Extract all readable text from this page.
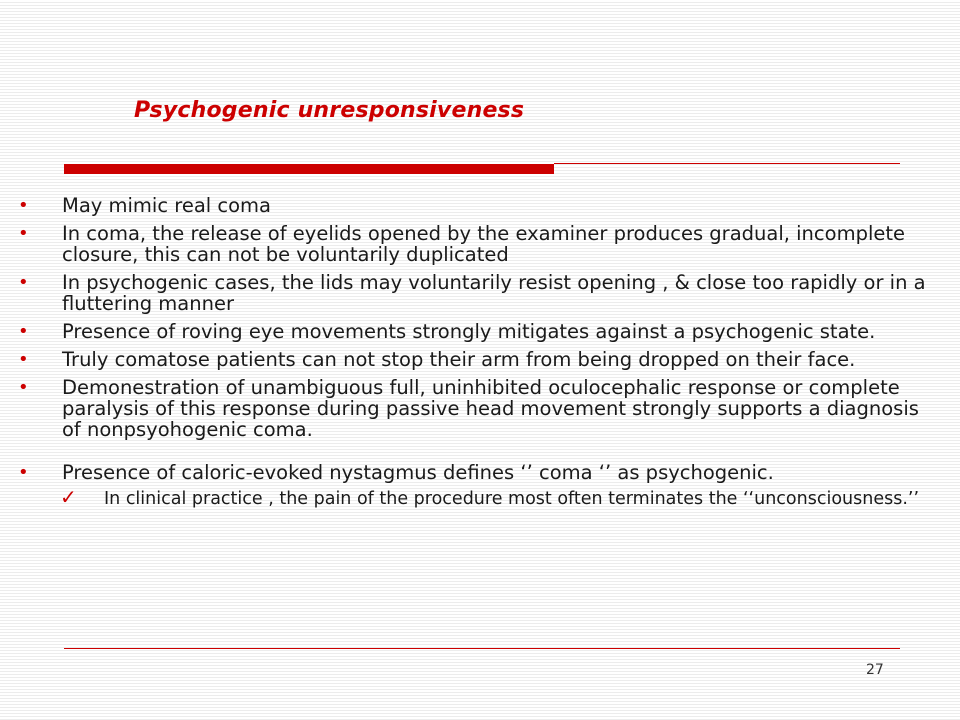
Psychogenic unresponsiveness
• May mimic real coma
• In coma, the release of eyelids opened by the examiner produces gradual, incomplete closure, this can not be voluntarily duplicated
• In psychogenic cases, the lids may voluntarily resist opening , & close too rapidly or in a fluttering manner
• Presence of roving eye movements strongly mitigates against a psychogenic state.
• Truly comatose patients can not stop their arm from being dropped on their face.
• Demonestration of unambiguous full, uninhibited oculocephalic response or complete paralysis of this response during passive head movement strongly supports a diagnosis of nonpsyohogenic coma.
• Presence of caloric-evoked nystagmus defines ‘’ coma ‘’ as psychogenic.
✓ In clinical practice , the pain of the procedure most often terminates the ‘‘unconsciousness.’’
27
